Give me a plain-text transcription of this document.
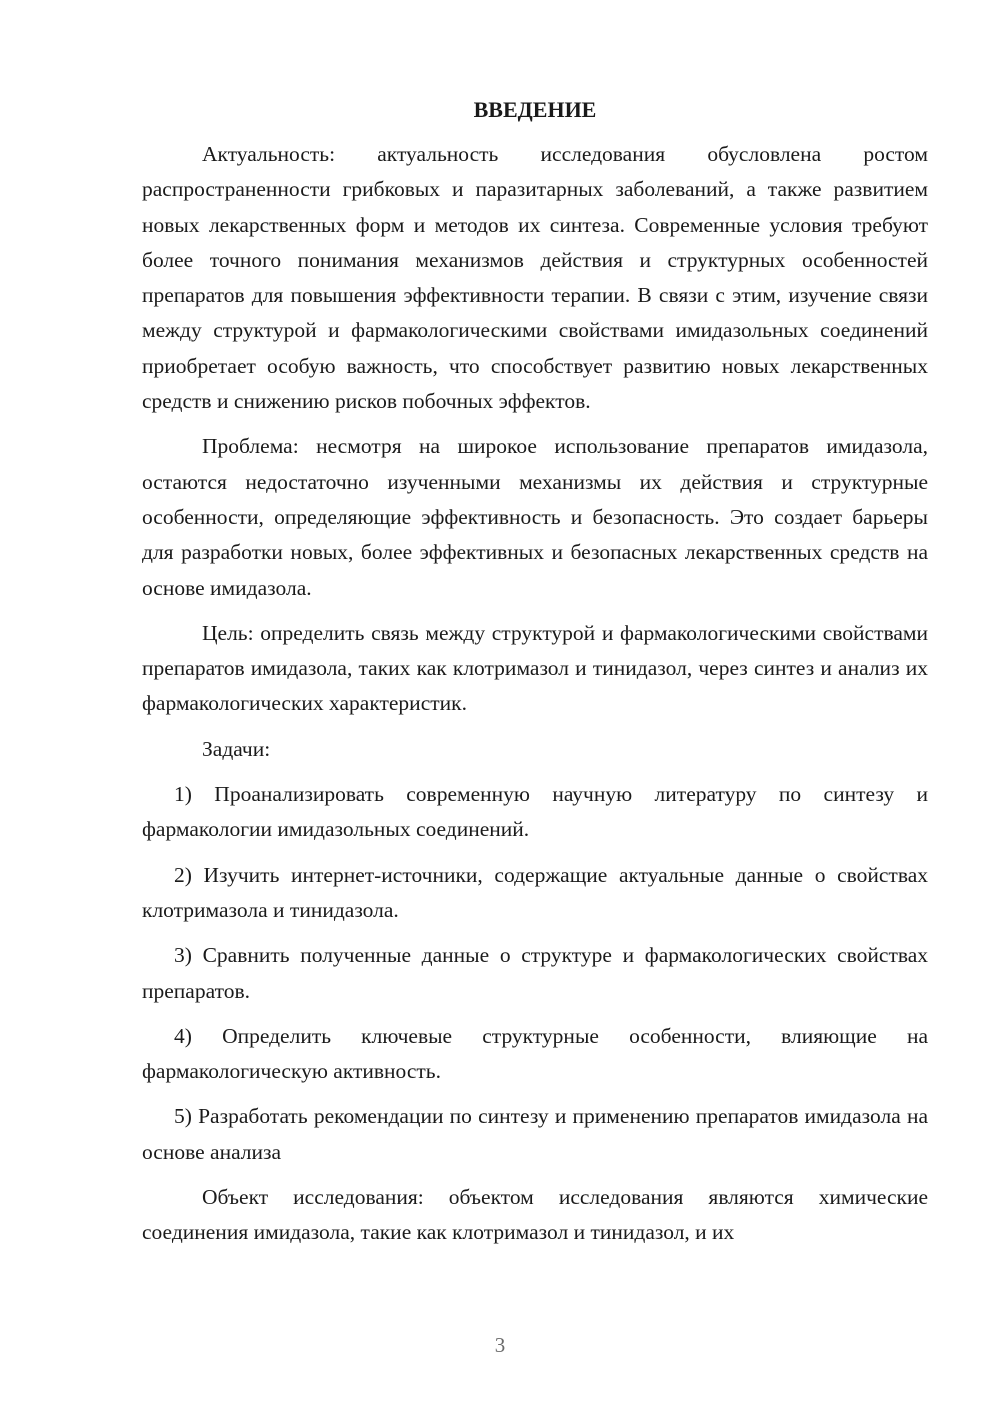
ВВЕДЕНИЕ

Актуальность: актуальность исследования обусловлена ростом распространенности грибковых и паразитарных заболеваний, а также развитием новых лекарственных форм и методов их синтеза. Современные условия требуют более точного понимания механизмов действия и структурных особенностей препаратов для повышения эффективности терапии. В связи с этим, изучение связи между структурой и фармакологическими свойствами имидазольных соединений приобретает особую важность, что способствует развитию новых лекарственных средств и снижению рисков побочных эффектов.

Проблема: несмотря на широкое использование препаратов имидазола, остаются недостаточно изученными механизмы их действия и структурные особенности, определяющие эффективность и безопасность. Это создает барьеры для разработки новых, более эффективных и безопасных лекарственных средств на основе имидазола.

Цель: определить связь между структурой и фармакологическими свойствами препаратов имидазола, таких как клотримазол и тинидазол, через синтез и анализ их фармакологических характеристик.

Задачи:

1) Проанализировать современную научную литературу по синтезу и фармакологии имидазольных соединений.

2) Изучить интернет-источники, содержащие актуальные данные о свойствах клотримазола и тинидазола.

3) Сравнить полученные данные о структуре и фармакологических свойствах препаратов.

4) Определить ключевые структурные особенности, влияющие на фармакологическую активность.

5) Разработать рекомендации по синтезу и применению препаратов имидазола на основе анализа

Объект исследования: объектом исследования являются химические соединения имидазола, такие как клотримазол и тинидазол, и их

3
